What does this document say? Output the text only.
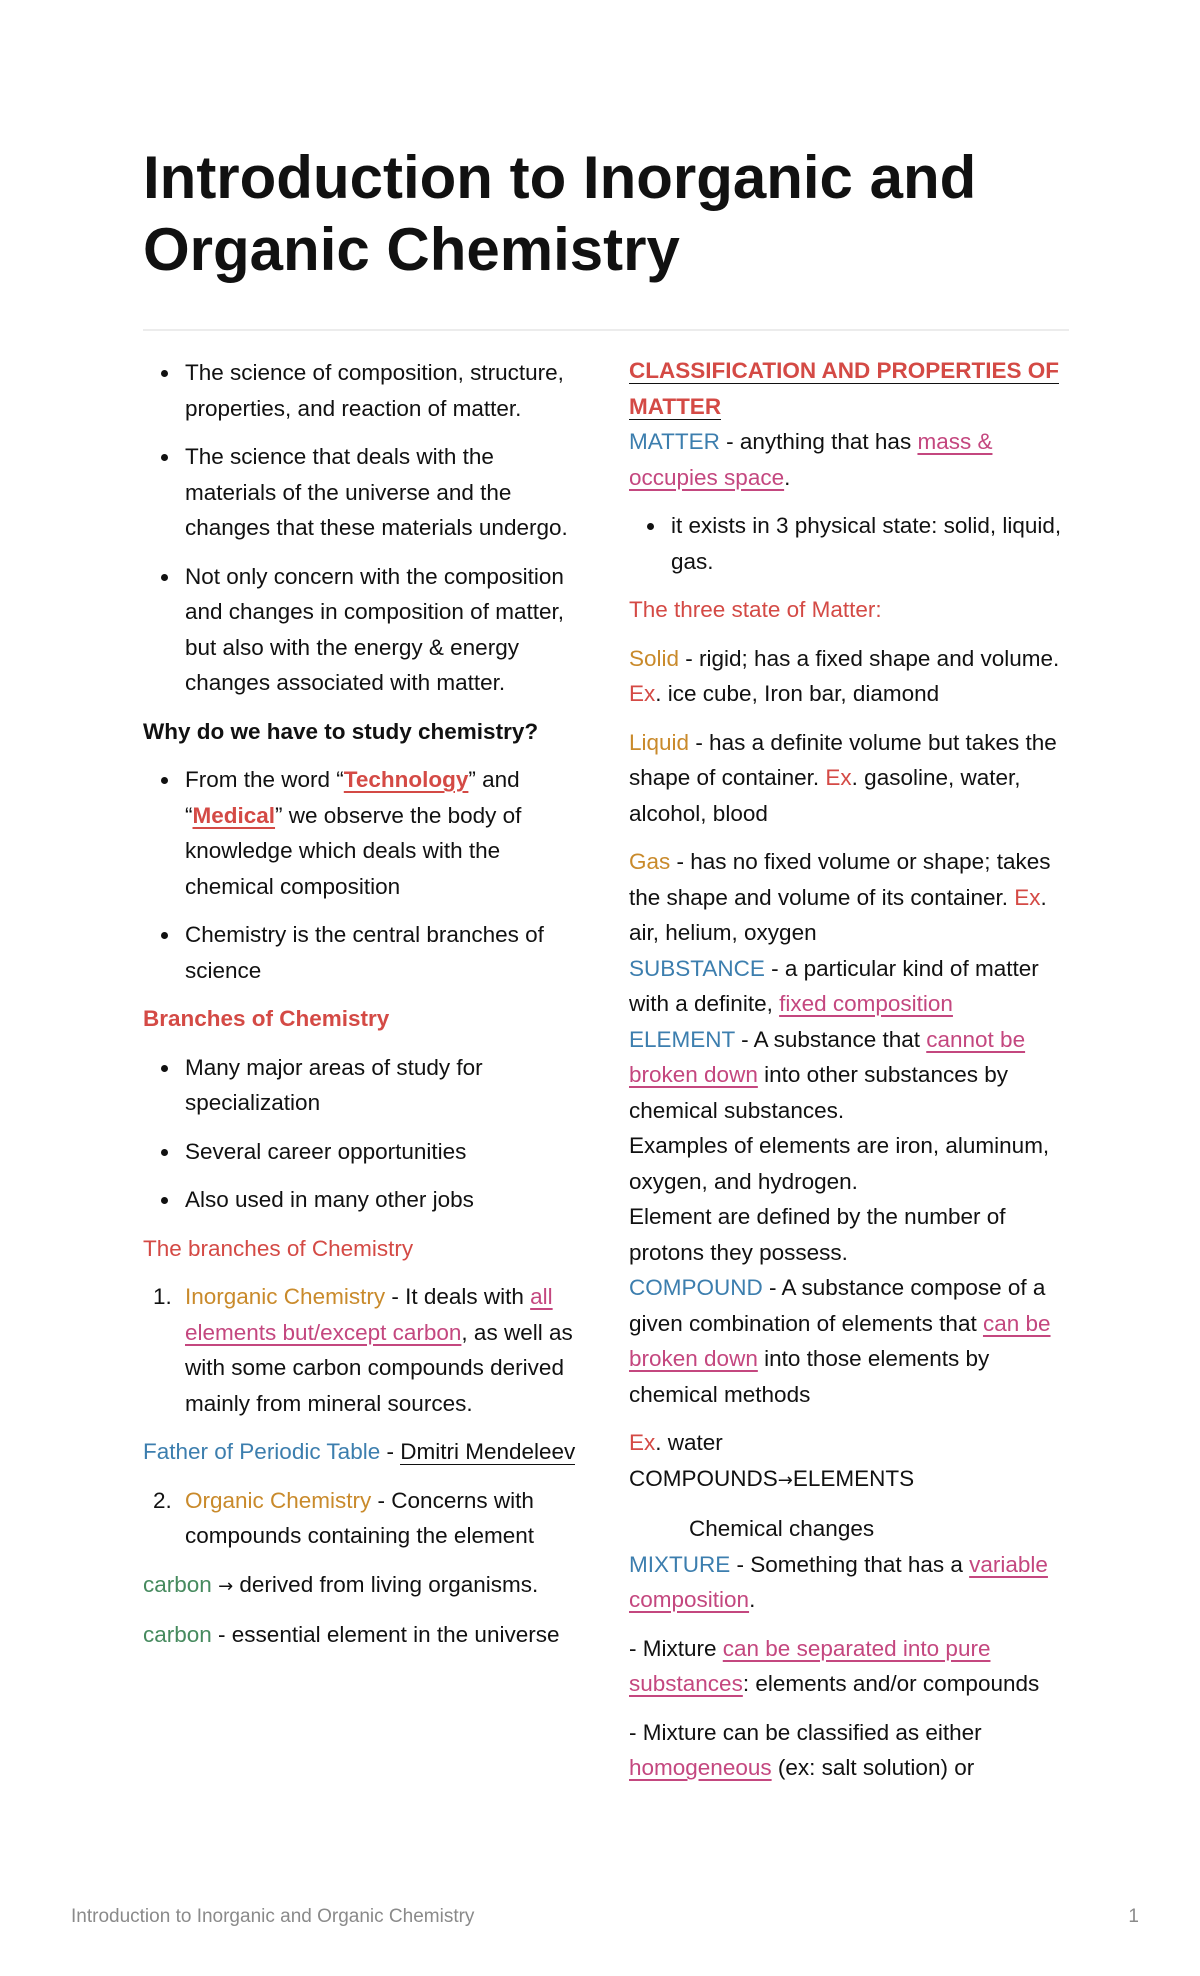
Introduction to Inorganic and
Organic Chemistry
The science of composition, structure, properties, and reaction of matter.
The science that deals with the materials of the universe and the changes that these materials undergo.
Not only concern with the composition and changes in composition of matter, but also with the energy & energy changes associated with matter.

Why do we have to study chemistry?

From the word “Technology” and “Medical” we observe the body of knowledge which deals with the chemical composition
Chemistry is the central branches of science

Branches of Chemistry

Many major areas of study for specialization
Several career opportunities
Also used in many other jobs

The branches of Chemistry

1. Inorganic Chemistry - It deals with all elements but/except carbon, as well as with some carbon compounds derived mainly from mineral sources.

Father of Periodic Table - Dmitri Mendeleev

2. Organic Chemistry - Concerns with compounds containing the element

carbon → derived from living organisms.

carbon - essential element in the universe

CLASSIFICATION AND PROPERTIES OF MATTER

MATTER - anything that has mass & occupies space.

it exists in 3 physical state: solid, liquid, gas.

The three state of Matter:

Solid - rigid; has a fixed shape and volume. Ex. ice cube, Iron bar, diamond

Liquid - has a definite volume but takes the shape of container. Ex. gasoline, water, alcohol, blood

Gas - has no fixed volume or shape; takes the shape and volume of its container. Ex. air, helium, oxygen

SUBSTANCE - a particular kind of matter with a definite, fixed composition

ELEMENT - A substance that cannot be broken down into other substances by chemical substances.

Examples of elements are iron, aluminum, oxygen, and hydrogen.

Element are defined by the number of protons they possess.

COMPOUND - A substance compose of a given combination of elements that can be broken down into those elements by chemical methods

Ex. water

COMPOUNDS→ELEMENTS

Chemical changes

MIXTURE - Something that has a variable composition.

- Mixture can be separated into pure substances: elements and/or compounds

- Mixture can be classified as either homogeneous (ex: salt solution) or

Introduction to Inorganic and Organic Chemistry	1
